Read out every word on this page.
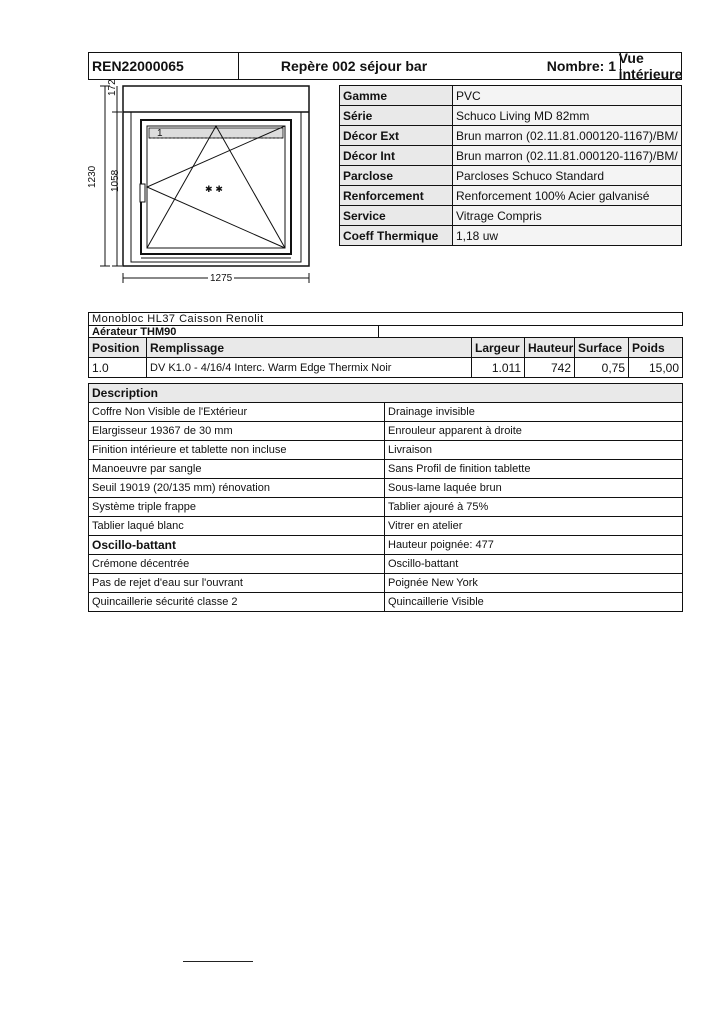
REN22000065	Repère 002 séjour bar	Nombre: 1 Vue intérieure
✱ ✱
1
172
1230 1058
1275
Gamme	PVC
Série	Schuco Living MD 82mm
Décor Ext	Brun marron (02.11.81.000120-1167)/BM/
Décor Int	Brun marron (02.11.81.000120-1167)/BM/
Parclose	Parcloses Schuco Standard
Renforcement	Renforcement 100% Acier galvanisé
Service	Vitrage Compris
Coeff Thermique	1,18 uw
Monobloc HL37 Caisson Renolit
Aérateur THM90	
Position	Remplissage	Largeur	Hauteur	Surface	Poids
1.0	DV K1.0 - 4/16/4 Interc. Warm Edge Thermix Noir	1.011	742	0,75	15,00
Description	
Coffre Non Visible de l'Extérieur	Drainage invisible
Elargisseur 19367 de 30 mm	Enrouleur apparent à droite
Finition intérieure et tablette non incluse	Livraison
Manoeuvre par sangle	Sans Profil de finition tablette
Seuil 19019 (20/135 mm) rénovation	Sous-lame laquée brun
Système triple frappe	Tablier ajouré à 75%
Tablier laqué blanc	Vitrer en atelier
Oscillo-battant	Hauteur poignée: 477
Crémone décentrée	Oscillo-battant
Pas de rejet d'eau sur l'ouvrant	Poignée New York
Quincaillerie sécurité classe 2	Quincaillerie Visible
